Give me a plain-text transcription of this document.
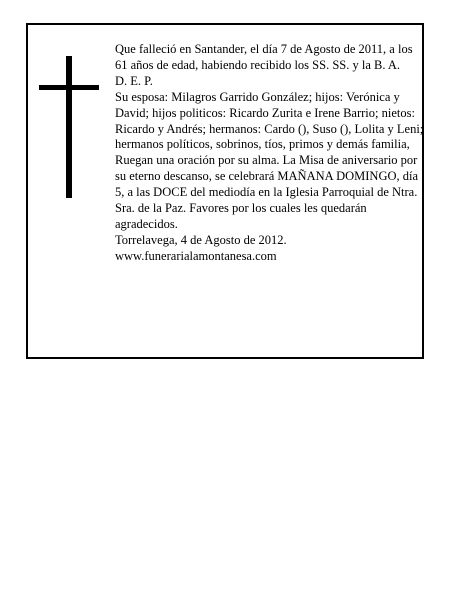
Que falleció en Santander, el día 7 de Agosto de 2011, a los 61 años de edad, habiendo recibido los SS. SS. y la B. A.

D. E. P.

Su esposa: Milagros Garrido González; hijos: Verónica y David; hijos politicos: Ricardo Zurita e Irene Barrio; nietos: Ricardo y Andrés; hermanos: Cardo (), Suso (), Lolita y Leni; hermanos políticos, sobrinos, tíos, primos y demás familia,

Ruegan una oración por su alma. La Misa de aniversario por su eterno descanso, se celebrará MAÑANA DOMINGO, día 5, a las DOCE del mediodía en la Iglesia Parroquial de Ntra. Sra. de la Paz. Favores por los cuales les quedarán agradecidos.

Torrelavega, 4 de Agosto de 2012.

www.funerarialamontanesa.com
